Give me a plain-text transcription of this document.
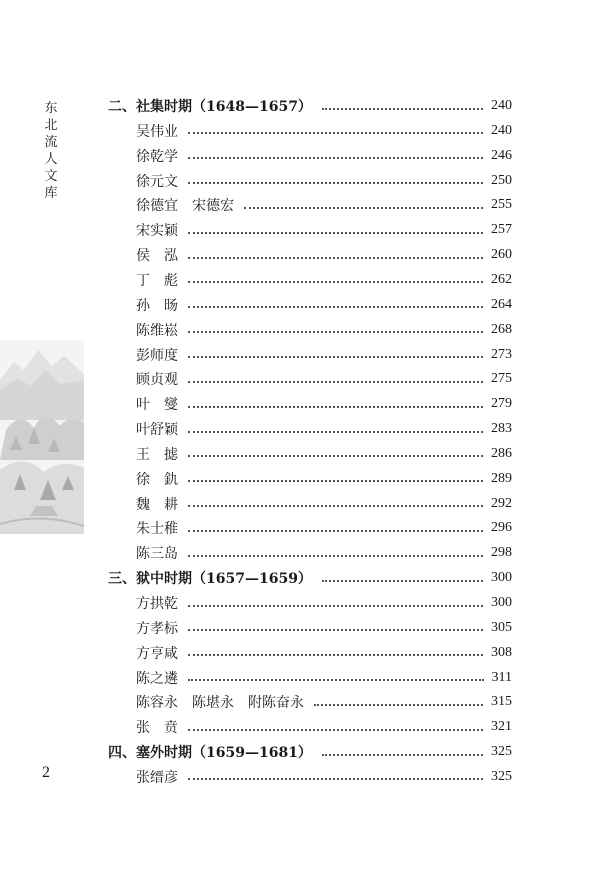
东北流人文库
2
二、社集时期（1648—1657）	240
吴伟业	240
徐乾学	246
徐元文	250
徐德宜　宋德宏	255
宋实颖	257
侯　泓	260
丁　彪	262
孙　旸	264
陈维崧	268
彭师度	273
顾贞观	275
叶　燮	279
叶舒颖	283
王　摅	286
徐　釚	289
魏　耕	292
朱士稚	296
陈三岛	298
三、狱中时期（1657—1659）	300
方拱乾	300
方孝标	305
方亨咸	308
陈之遴	311
陈容永　陈堪永　附陈奋永	315
张　贲	321
四、塞外时期（1659—1681）	325
张缙彦	325
